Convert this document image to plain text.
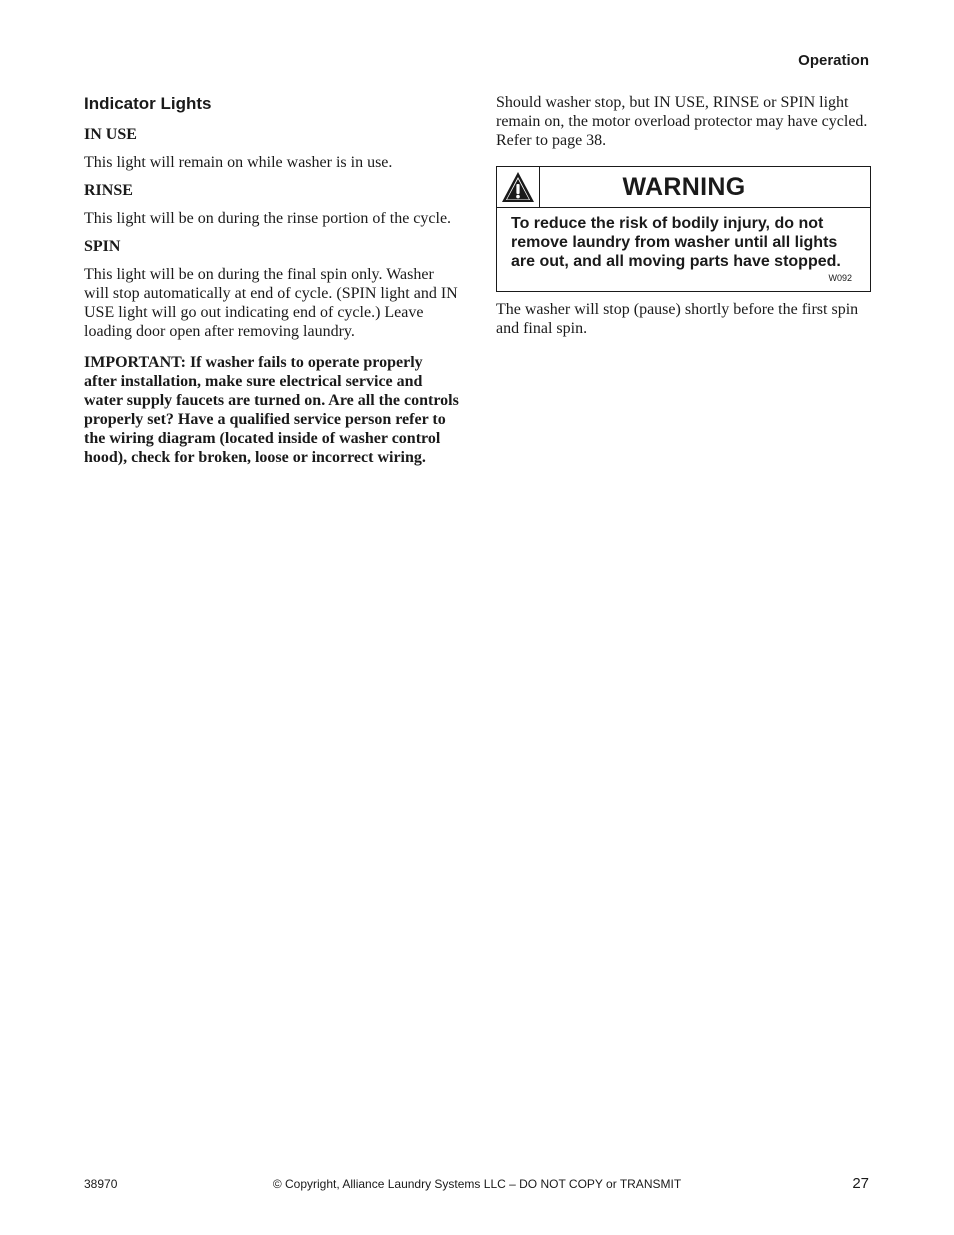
Operation
Indicator Lights
IN USE

This light will remain on while washer is in use.

RINSE

This light will be on during the rinse portion of the cycle.

SPIN

This light will be on during the final spin only. Washer will stop automatically at end of cycle. (SPIN light and IN USE light will go out indicating end of cycle.) Leave loading door open after removing laundry.

IMPORTANT: If washer fails to operate properly after installation, make sure electrical service and water supply faucets are turned on. Are all the controls properly set? Have a qualified service person refer to the wiring diagram (located inside of washer control hood), check for broken, loose or incorrect wiring.

Should washer stop, but IN USE, RINSE or SPIN light remain on, the motor overload protector may have cycled. Refer to page 38.

WARNING

To reduce the risk of bodily injury, do not remove laundry from washer until all lights are out, and all moving parts have stopped.

W092

The washer will stop (pause) shortly before the first spin and final spin.

© Copyright, Alliance Laundry Systems LLC – DO NOT COPY or TRANSMIT
38970	27
